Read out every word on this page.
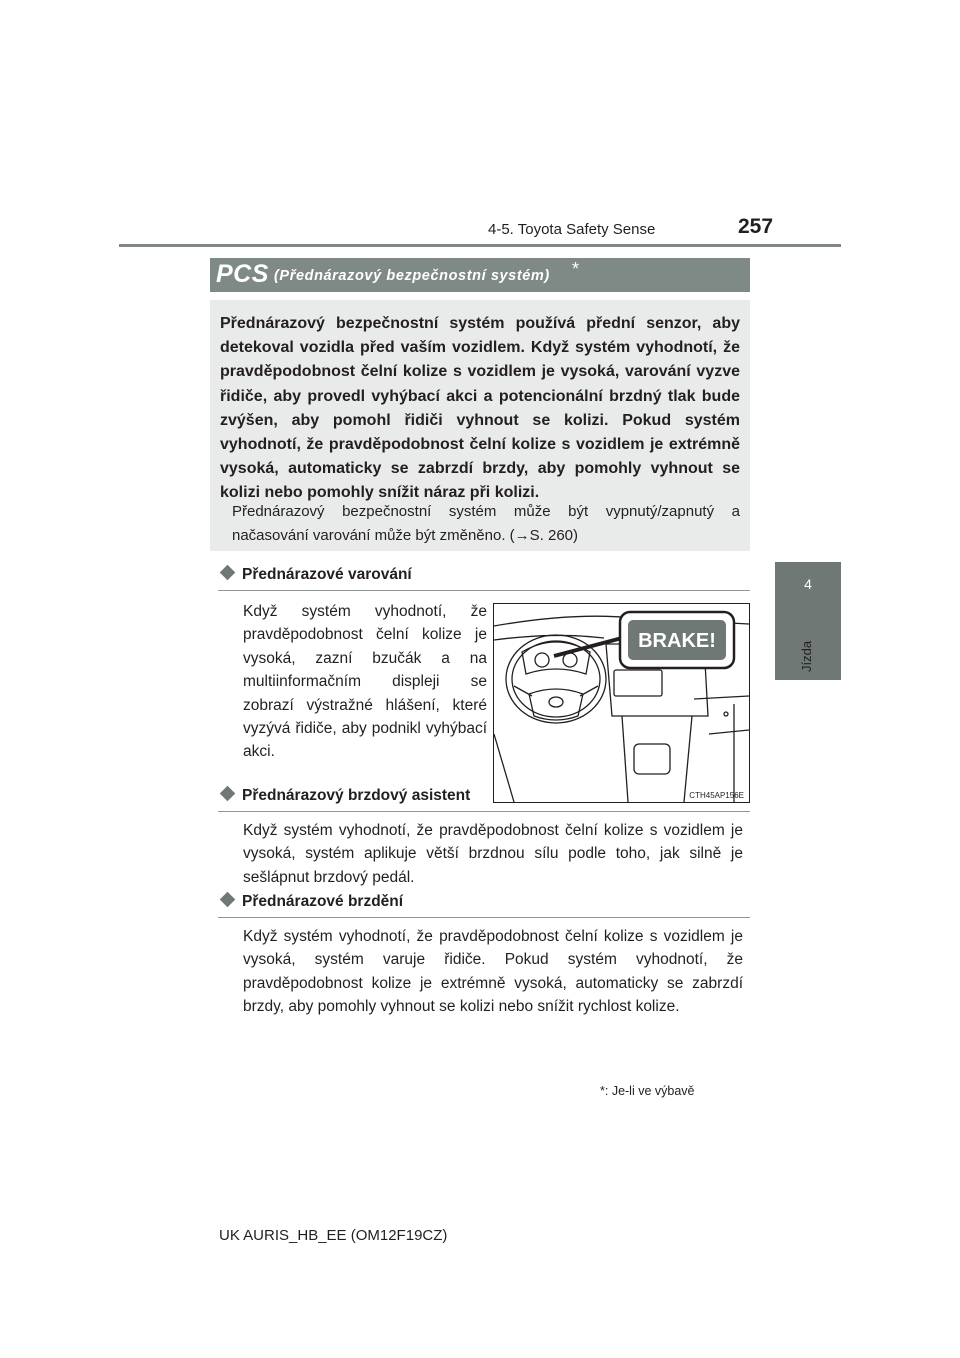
4-5. Toyota Safety Sense	257
4
Jízda
PCS (Přednárazový bezpečnostní systém) *
Přednárazový bezpečnostní systém používá přední senzor, aby detekoval vozidla před vaším vozidlem. Když systém vyhodnotí, že pravděpodobnost čelní kolize s vozidlem je vysoká, varování vyzve řidiče, aby provedl vyhýbací akci a potencionální brzdný tlak bude zvýšen, aby pomohl řidiči vyhnout se kolizi. Pokud systém vyhodnotí, že pravděpodobnost čelní kolize s vozidlem je extrémně vysoká, automaticky se zabrzdí brzdy, aby pomohly vyhnout se kolizi nebo pomohly snížit náraz při kolizi.
Přednárazový bezpečnostní systém může být vypnutý/zapnutý a načasování varování může být změněno. (→S. 260)
Přednárazové varování
Když systém vyhodnotí, že pravděpodobnost čelní kolize je vysoká, zazní bzučák a na multiinformačním displeji se zobrazí výstražné hlášení, které vyzývá řidiče, aby podnikl vyhýbací akci.
BRAKE!
CTH45AP156E
Přednárazový brzdový asistent
Když systém vyhodnotí, že pravděpodobnost čelní kolize s vozidlem je vysoká, systém aplikuje větší brzdnou sílu podle toho, jak silně je sešlápnut brzdový pedál.
Přednárazové brzdění
Když systém vyhodnotí, že pravděpodobnost čelní kolize s vozidlem je vysoká, systém varuje řidiče. Pokud systém vyhodnotí, že pravděpodobnost kolize je extrémně vysoká, automaticky se zabrzdí brzdy, aby pomohly vyhnout se kolizi nebo snížit rychlost kolize.
*: Je-li ve výbavě
UK AURIS_HB_EE (OM12F19CZ)
